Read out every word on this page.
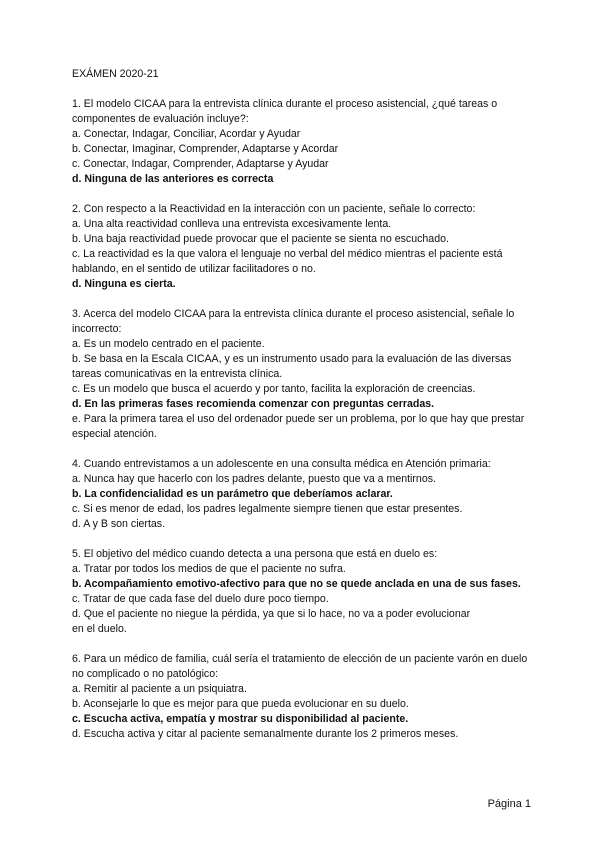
EXÁMEN 2020-21
1. El modelo CICAA para la entrevista clínica durante el proceso asistencial, ¿qué tareas o componentes de evaluación incluye?:
a. Conectar, Indagar, Conciliar, Acordar y Ayudar
b. Conectar, Imaginar, Comprender, Adaptarse y Acordar
c. Conectar, Indagar, Comprender, Adaptarse y Ayudar
d. Ninguna de las anteriores es correcta
2. Con respecto a la Reactividad en la interacción con un paciente, señale lo correcto:
a. Una alta reactividad conlleva una entrevista excesivamente lenta.
b. Una baja reactividad puede provocar que el paciente se sienta no escuchado.
c. La reactividad es la que valora el lenguaje no verbal del médico mientras el paciente está hablando, en el sentido de utilizar facilitadores o no.
d. Ninguna es cierta.
3. Acerca del modelo CICAA para la entrevista clínica durante el proceso asistencial, señale lo incorrecto:
a. Es un modelo centrado en el paciente.
b. Se basa en la Escala CICAA, y es un instrumento usado para la evaluación de las diversas tareas comunicativas en la entrevista clínica.
c. Es un modelo que busca el acuerdo y por tanto, facilita la exploración de creencias.
d. En las primeras fases recomienda comenzar con preguntas cerradas.
e. Para la primera tarea el uso del ordenador puede ser un problema, por lo que hay que prestar especial atención.
4. Cuando entrevistamos a un adolescente en una consulta médica en Atención primaria:
a. Nunca hay que hacerlo con los padres delante, puesto que va a mentirnos.
b. La confidencialidad es un parámetro que deberíamos aclarar.
c. Si es menor de edad, los padres legalmente siempre tienen que estar presentes.
d. A y B son ciertas.
5. El objetivo del médico cuando detecta a una persona que está en duelo es:
a. Tratar por todos los medios de que el paciente no sufra.
b. Acompañamiento emotivo-afectivo para que no se quede anclada en una de sus fases.
c. Tratar de que cada fase del duelo dure poco tiempo.
d. Que el paciente no niegue la pérdida, ya que si lo hace, no va a poder evolucionar
en el duelo.
6. Para un médico de familia, cuál sería el tratamiento de elección de un paciente varón en duelo no complicado o no patológico:
a. Remitir al paciente a un psiquiatra.
b. Aconsejarle lo que es mejor para que pueda evolucionar en su duelo.
c. Escucha activa, empatía y mostrar su disponibilidad al paciente.
d. Escucha activa y citar al paciente semanalmente durante los 2 primeros meses.
Página 1
